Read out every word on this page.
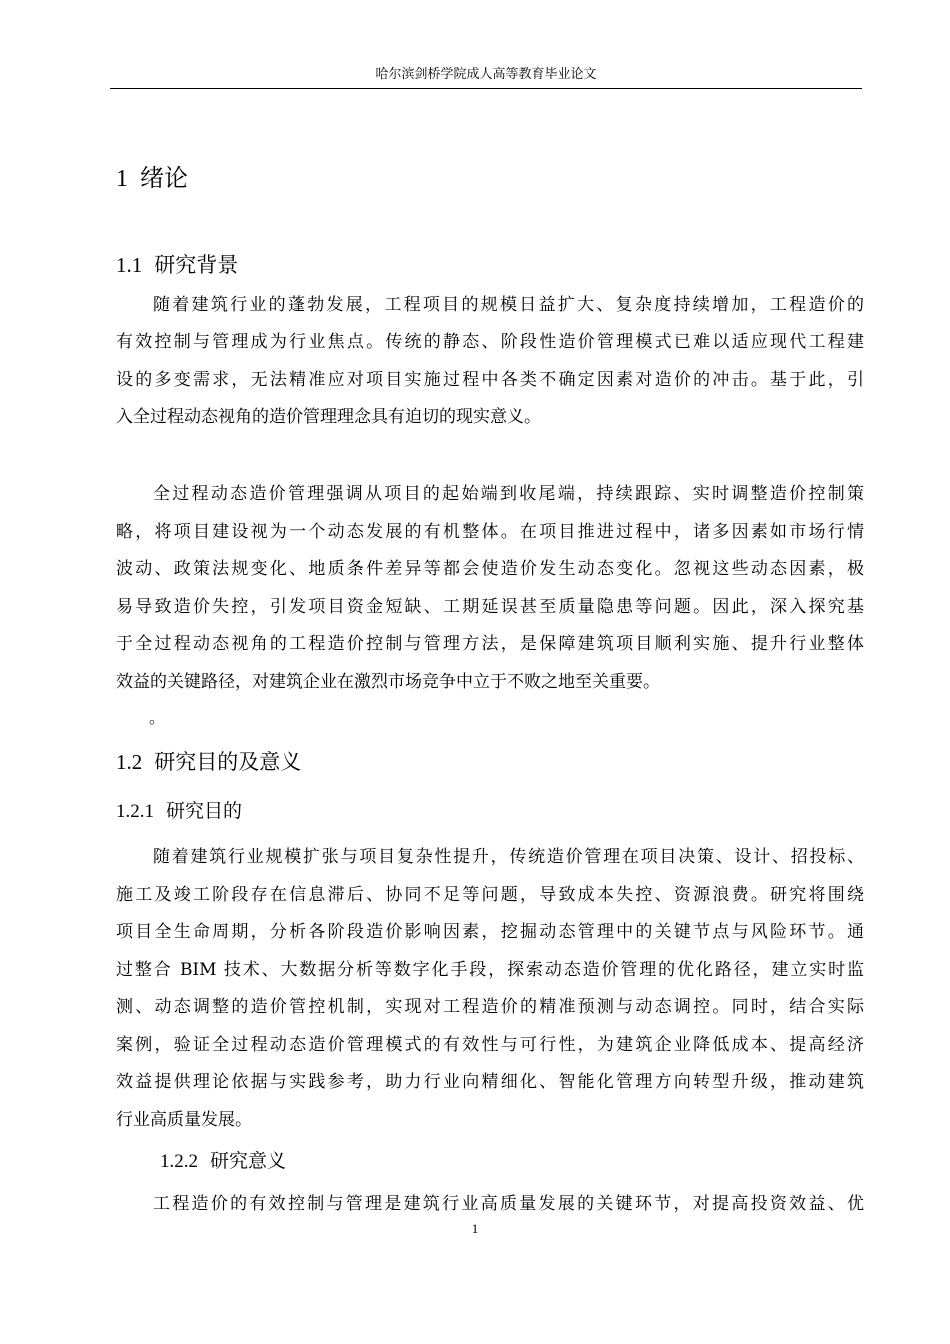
哈尔滨剑桥学院成人高等教育毕业论文
1 绪论
1.1 研究背景
随着建筑行业的蓬勃发展，工程项目的规模日益扩大、复杂度持续增加，工程造价的
有效控制与管理成为行业焦点。传统的静态、阶段性造价管理模式已难以适应现代工程建
设的多变需求，无法精准应对项目实施过程中各类不确定因素对造价的冲击。基于此，引
入全过程动态视角的造价管理理念具有迫切的现实意义。
全过程动态造价管理强调从项目的起始端到收尾端，持续跟踪、实时调整造价控制策
略，将项目建设视为一个动态发展的有机整体。在项目推进过程中，诸多因素如市场行情
波动、政策法规变化、地质条件差异等都会使造价发生动态变化。忽视这些动态因素，极
易导致造价失控，引发项目资金短缺、工期延误甚至质量隐患等问题。因此，深入探究基
于全过程动态视角的工程造价控制与管理方法，是保障建筑项目顺利实施、提升行业整体
效益的关键路径，对建筑企业在激烈市场竞争中立于不败之地至关重要。
。
1.2 研究目的及意义
1.2.1 研究目的
随着建筑行业规模扩张与项目复杂性提升，传统造价管理在项目决策、设计、招投标、
施工及竣工阶段存在信息滞后、协同不足等问题，导致成本失控、资源浪费。研究将围绕
项目全生命周期，分析各阶段造价影响因素，挖掘动态管理中的关键节点与风险环节。通
过整合 BIM 技术、大数据分析等数字化手段，探索动态造价管理的优化路径，建立实时监
测、动态调整的造价管控机制，实现对工程造价的精准预测与动态调控。同时，结合实际
案例，验证全过程动态造价管理模式的有效性与可行性，为建筑企业降低成本、提高经济
效益提供理论依据与实践参考，助力行业向精细化、智能化管理方向转型升级，推动建筑
行业高质量发展。
1.2.2 研究意义
工程造价的有效控制与管理是建筑行业高质量发展的关键环节，对提高投资效益、优
1
